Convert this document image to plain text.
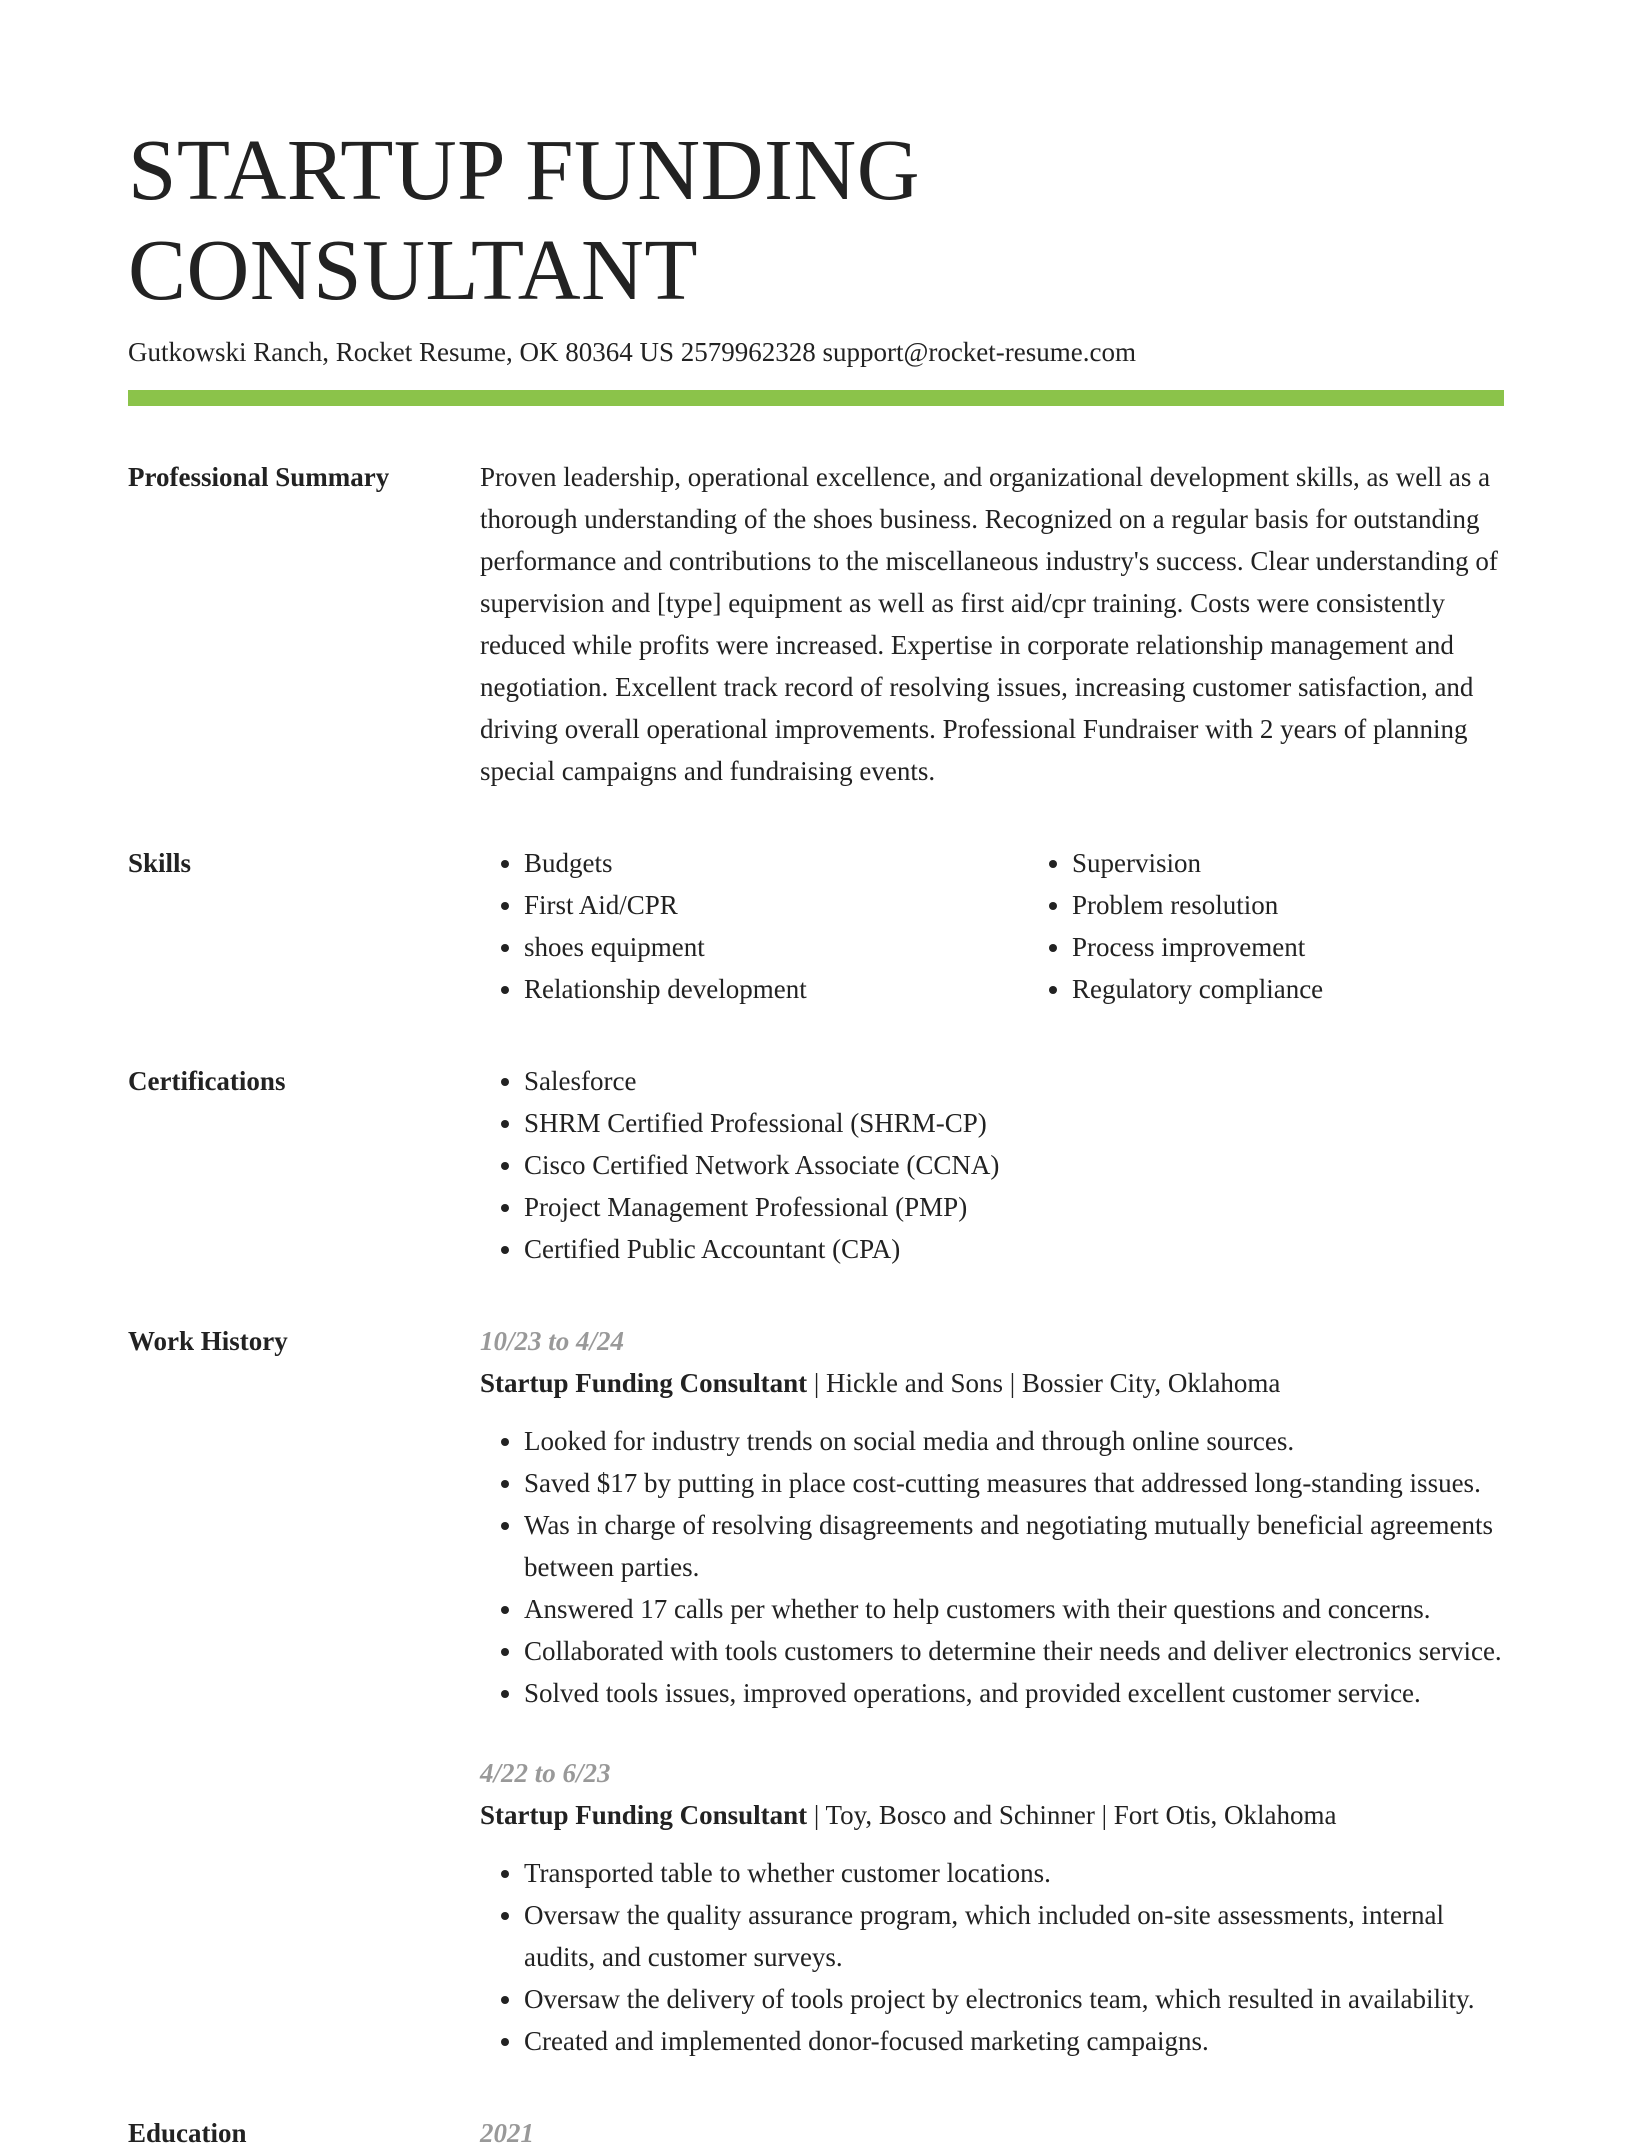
STARTUP FUNDING CONSULTANT
Gutkowski Ranch, Rocket Resume, OK 80364 US 2579962328 support@rocket-resume.com
Professional Summary	Proven leadership, operational excellence, and organizational development skills, as well as a thorough understanding of the shoes business. Recognized on a regular basis for outstanding performance and contributions to the miscellaneous industry's success. Clear understanding of supervision and [type] equipment as well as first aid/cpr training. Costs were consistently reduced while profits were increased. Expertise in corporate relationship management and negotiation. Excellent track record of resolving issues, increasing customer satisfaction, and driving overall operational improvements. Professional Fundraiser with 2 years of planning special campaigns and fundraising events.

Skills	• Budgets
• First Aid/CPR
• shoes equipment
• Relationship development
• Supervision
• Problem resolution
• Process improvement
• Regulatory compliance
Certifications	• Salesforce
• SHRM Certified Professional (SHRM-CP)
• Cisco Certified Network Associate (CCNA)
• Project Management Professional (PMP)
• Certified Public Accountant (CPA)
Work History	10/23 to 4/24
Startup Funding Consultant | Hickle and Sons | Bossier City, Oklahoma
• Looked for industry trends on social media and through online sources.
• Saved $17 by putting in place cost-cutting measures that addressed long-standing issues.
• Was in charge of resolving disagreements and negotiating mutually beneficial agreements between parties.
• Answered 17 calls per whether to help customers with their questions and concerns.
• Collaborated with tools customers to determine their needs and deliver electronics service.
• Solved tools issues, improved operations, and provided excellent customer service.
4/22 to 6/23
Startup Funding Consultant | Toy, Bosco and Schinner | Fort Otis, Oklahoma
• Transported table to whether customer locations.
• Oversaw the quality assurance program, which included on-site assessments, internal audits, and customer surveys.
• Oversaw the delivery of tools project by electronics team, which resulted in availability.
• Created and implemented donor-focused marketing campaigns.
Education	2021
